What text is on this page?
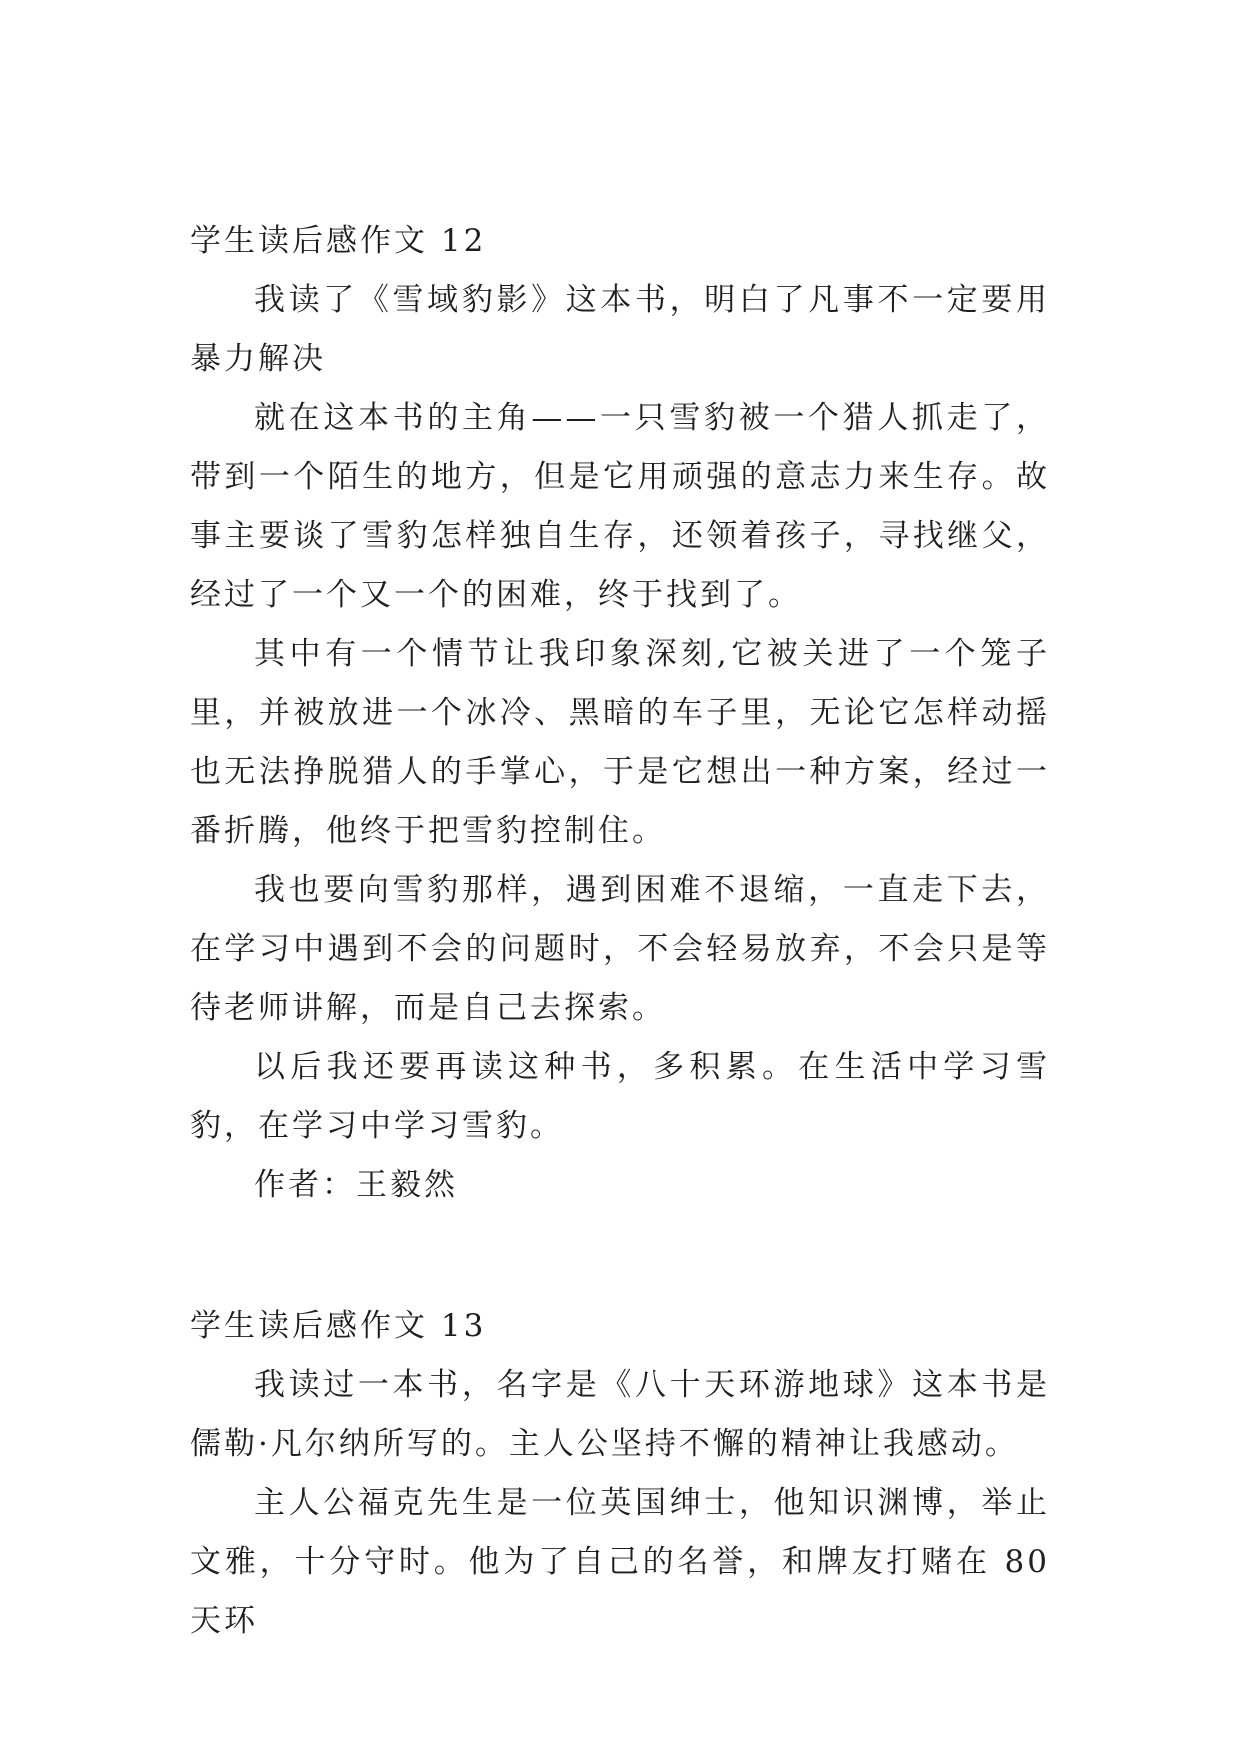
学生读后感作文 12

我读了《雪域豹影》这本书，明白了凡事不一定要用暴力解决

就在这本书的主角——一只雪豹被一个猎人抓走了，带到一个陌生的地方，但是它用顽强的意志力来生存。故事主要谈了雪豹怎样独自生存，还领着孩子，寻找继父，经过了一个又一个的困难，终于找到了。

其中有一个情节让我印象深刻,它被关进了一个笼子里，并被放进一个冰冷、黑暗的车子里，无论它怎样动摇也无法挣脱猎人的手掌心，于是它想出一种方案，经过一番折腾，他终于把雪豹控制住。

我也要向雪豹那样，遇到困难不退缩，一直走下去，在学习中遇到不会的问题时，不会轻易放弃，不会只是等待老师讲解，而是自己去探索。

以后我还要再读这种书，多积累。在生活中学习雪豹，在学习中学习雪豹。

作者：王毅然

学生读后感作文 13

我读过一本书，名字是《八十天环游地球》这本书是儒勒·凡尔纳所写的。主人公坚持不懈的精神让我感动。

主人公福克先生是一位英国绅士，他知识渊博，举止文雅，十分守时。他为了自己的名誉，和牌友打赌在 80 天环
